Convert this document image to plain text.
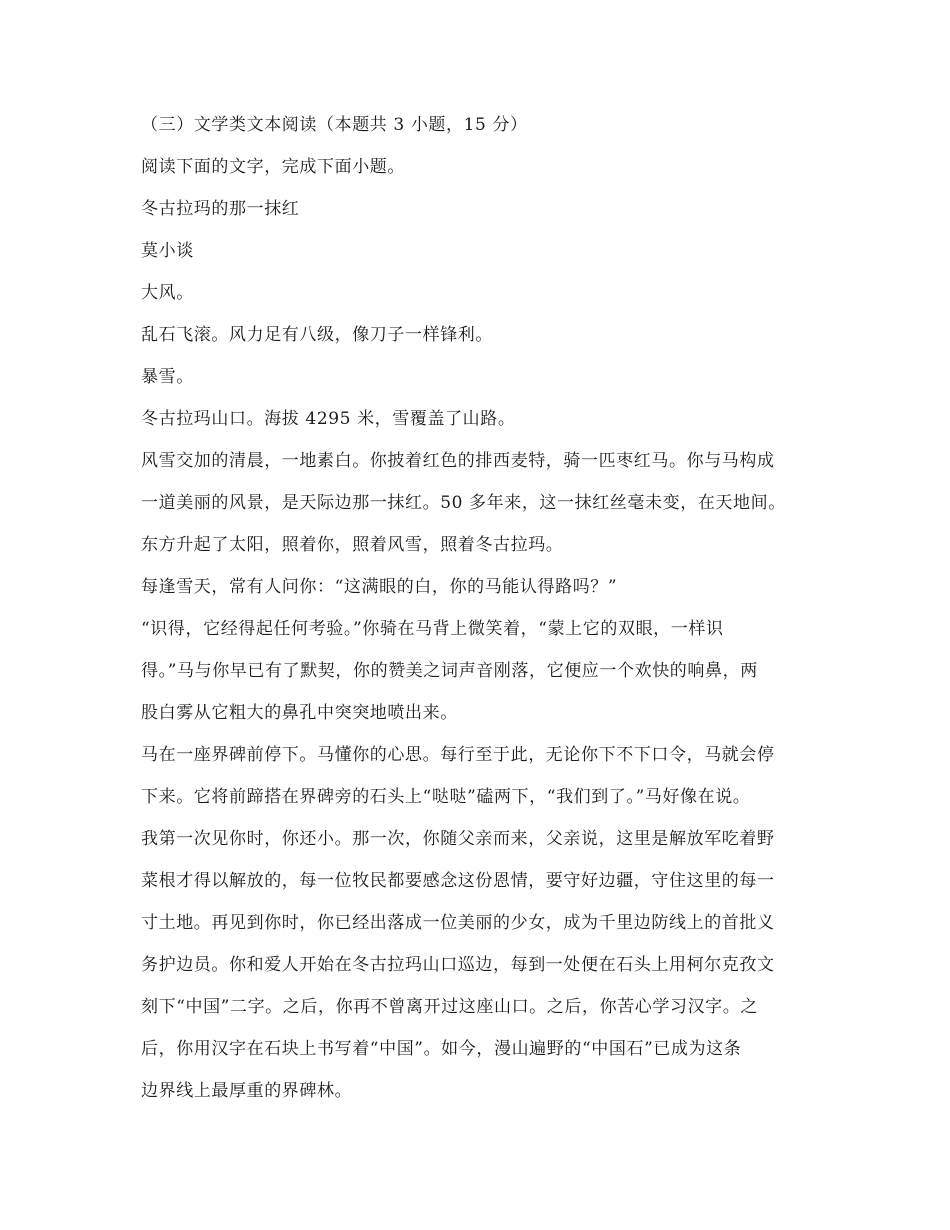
（三）文学类文本阅读（本题共 3 小题，15 分）
阅读下面的文字，完成下面小题。
冬古拉玛的那一抹红
莫小谈
大风。
乱石飞滚。风力足有八级，像刀子一样锋利。
暴雪。
冬古拉玛山口。海拔 4295 米，雪覆盖了山路。
风雪交加的清晨，一地素白。你披着红色的排西麦特，骑一匹枣红马。你与马构成
一道美丽的风景，是天际边那一抹红。50 多年来，这一抹红丝毫未变，在天地间。
东方升起了太阳，照着你，照着风雪，照着冬古拉玛。
每逢雪天，常有人问你：“这满眼的白，你的马能认得路吗？”
“识得，它经得起任何考验。”你骑在马背上微笑着，“蒙上它的双眼，一样识
得。”马与你早已有了默契，你的赞美之词声音刚落，它便应一个欢快的响鼻，两
股白雾从它粗大的鼻孔中突突地喷出来。
马在一座界碑前停下。马懂你的心思。每行至于此，无论你下不下口令，马就会停
下来。它将前蹄搭在界碑旁的石头上“哒哒”磕两下，“我们到了。”马好像在说。
我第一次见你时，你还小。那一次，你随父亲而来，父亲说，这里是解放军吃着野
菜根才得以解放的，每一位牧民都要感念这份恩情，要守好边疆，守住这里的每一
寸土地。再见到你时，你已经出落成一位美丽的少女，成为千里边防线上的首批义
务护边员。你和爱人开始在冬古拉玛山口巡边，每到一处便在石头上用柯尔克孜文
刻下“中国”二字。之后，你再不曾离开过这座山口。之后，你苦心学习汉字。之
后，你用汉字在石块上书写着“中国”。如今，漫山遍野的“中国石”已成为这条
边界线上最厚重的界碑林。
